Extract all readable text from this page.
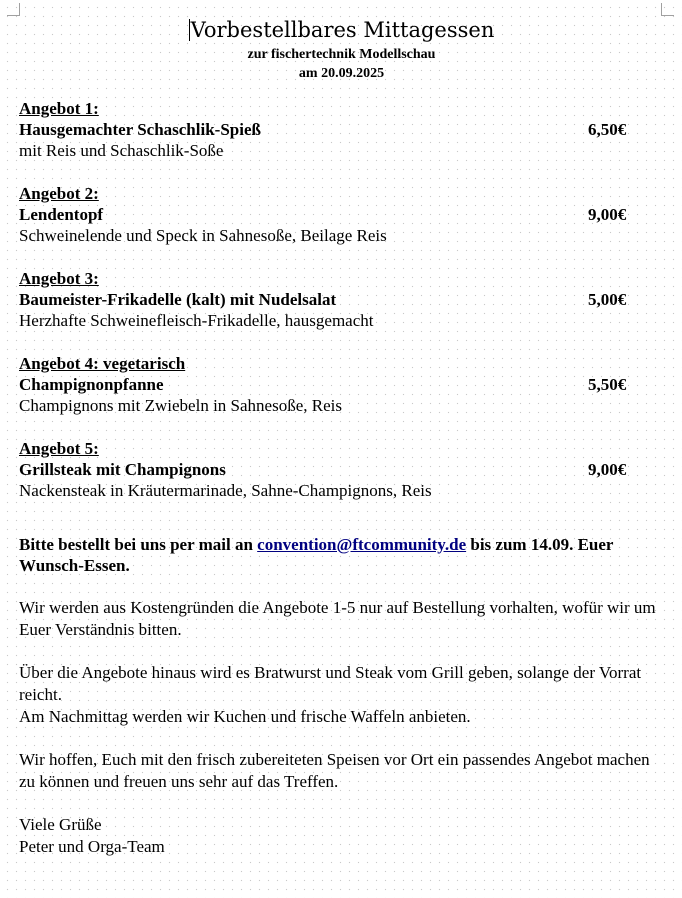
Vorbestellbares Mittagessen
zur fischertechnik Modellschau
am 20.09.2025
Angebot 1:
Hausgemachter Schaschlik-Spieß	6,50€
mit Reis und Schaschlik-Soße
Angebot 2:
Lendentopf	9,00€
Schweinelende und Speck in Sahnesoße, Beilage Reis
Angebot 3:
Baumeister-Frikadelle (kalt) mit Nudelsalat	5,00€
Herzhafte Schweinefleisch-Frikadelle, hausgemacht
Angebot 4: vegetarisch
Champignonpfanne	5,50€
Champignons mit Zwiebeln in Sahnesoße, Reis
Angebot 5:
Grillsteak mit Champignons	9,00€
Nackensteak in Kräutermarinade, Sahne-Champignons, Reis
Bitte bestellt bei uns per mail an convention@ftcommunity.de bis zum 14.09. Euer Wunsch-Essen.
Wir werden aus Kostengründen die Angebote 1-5 nur auf Bestellung vorhalten, wofür wir um Euer Verständnis bitten.
Über die Angebote hinaus wird es Bratwurst und Steak vom Grill geben, solange der Vorrat reicht.
Am Nachmittag werden wir Kuchen und frische Waffeln anbieten.
Wir hoffen, Euch mit den frisch zubereiteten Speisen vor Ort ein passendes Angebot machen zu können und freuen uns sehr auf das Treffen.
Viele Grüße
Peter und Orga-Team
